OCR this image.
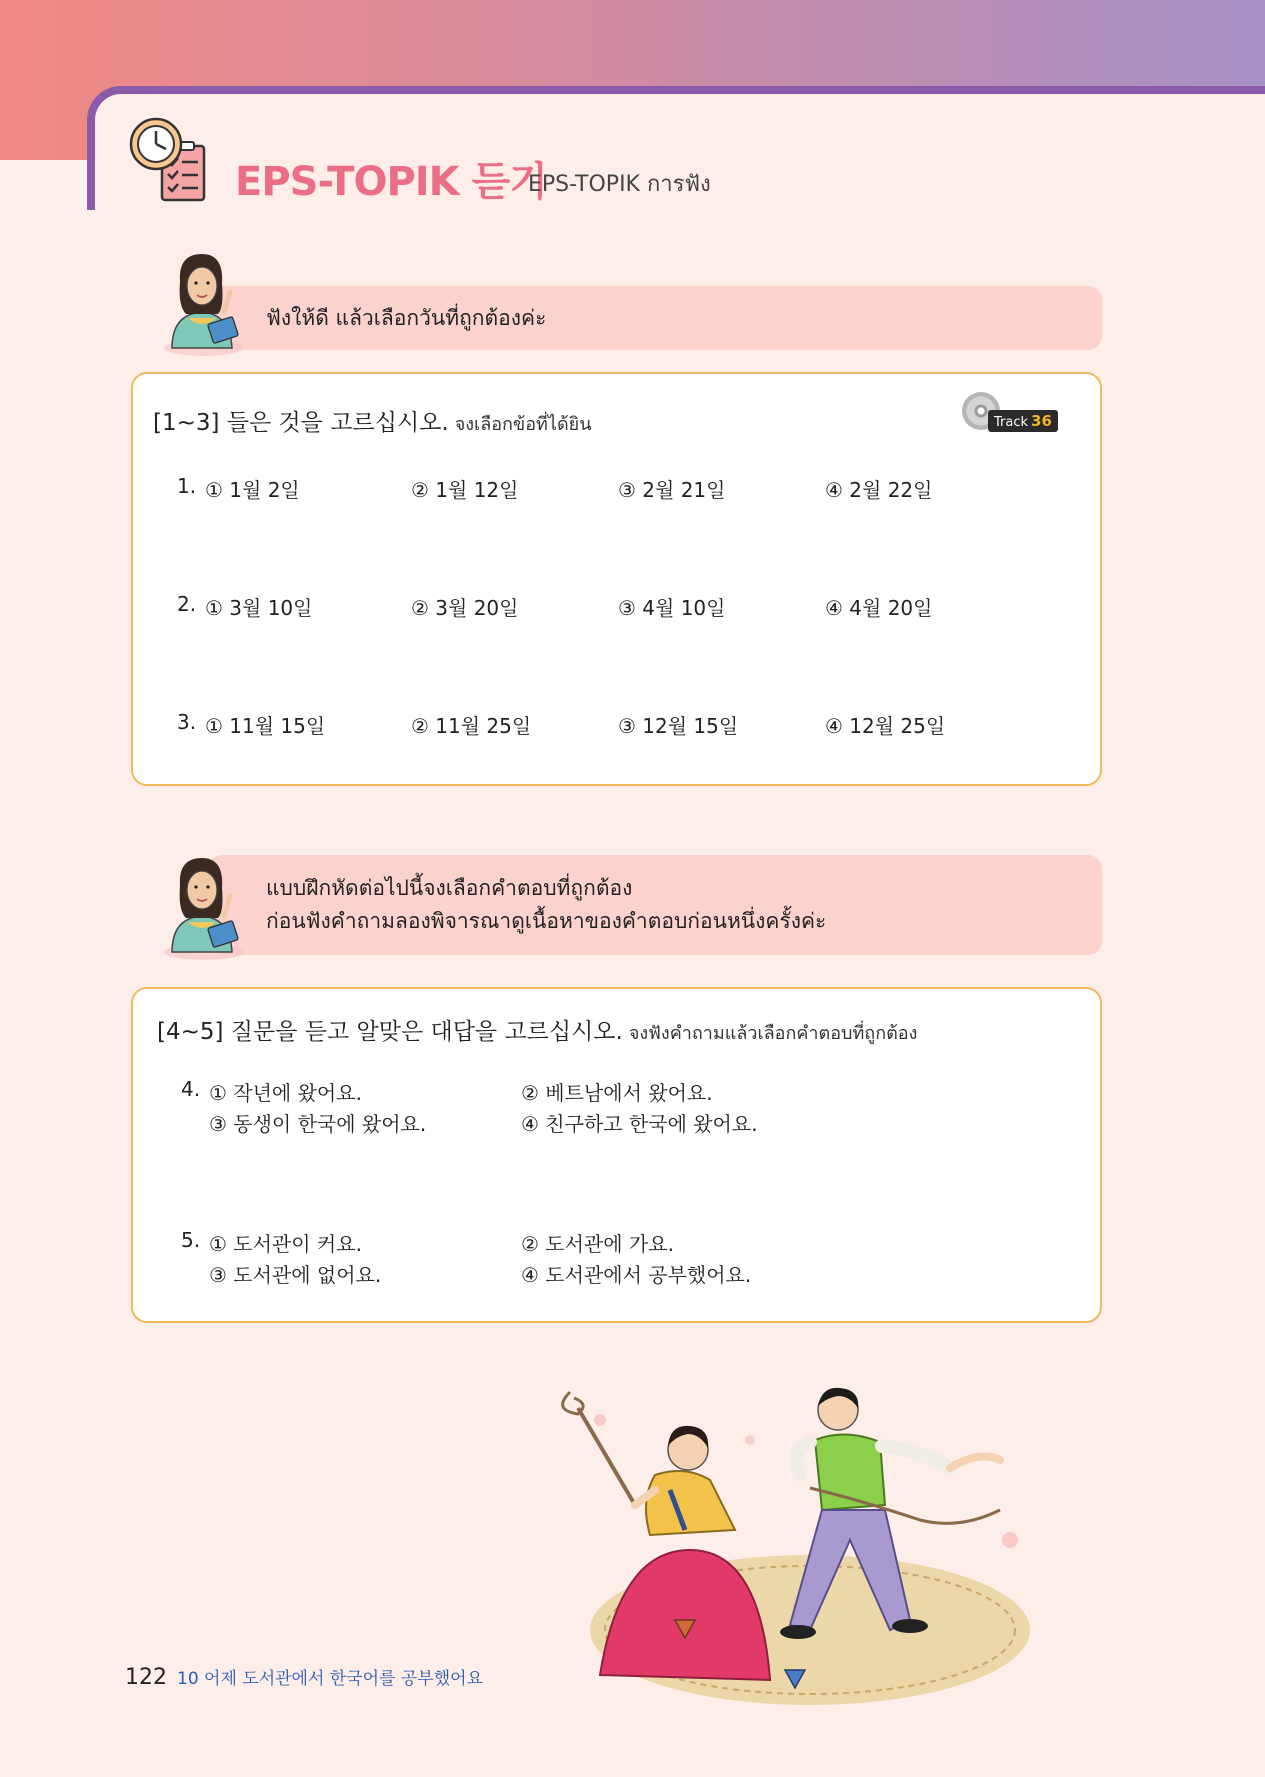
EPS-TOPIK 듣기
EPS-TOPIK การฟัง
ฟังให้ดี แล้วเลือกวันที่ถูกต้องค่ะ
[1~3] 들은 것을 고르십시오. จงเลือกข้อที่ได้ยิน	Track 36
1. ① 1월 2일	② 1월 12일	③ 2월 21일	④ 2월 22일
2. ① 3월 10일	② 3월 20일	③ 4월 10일	④ 4월 20일
3. ① 11월 15일	② 11월 25일	③ 12월 15일	④ 12월 25일
แบบฝึกหัดต่อไปนี้จงเลือกคำตอบที่ถูกต้อง
ก่อนฟังคำถามลองพิจารณาดูเนื้อหาของคำตอบก่อนหนึ่งครั้งค่ะ
[4~5] 질문을 듣고 알맞은 대답을 고르십시오. จงฟังคำถามแล้วเลือกคำตอบที่ถูกต้อง
4. ① 작년에 왔어요.	② 베트남에서 왔어요.
③ 동생이 한국에 왔어요.	④ 친구하고 한국에 왔어요.
5. ① 도서관이 커요.	② 도서관에 가요.
③ 도서관에 없어요.	④ 도서관에서 공부했어요.
122 10 어제 도서관에서 한국어를 공부했어요
